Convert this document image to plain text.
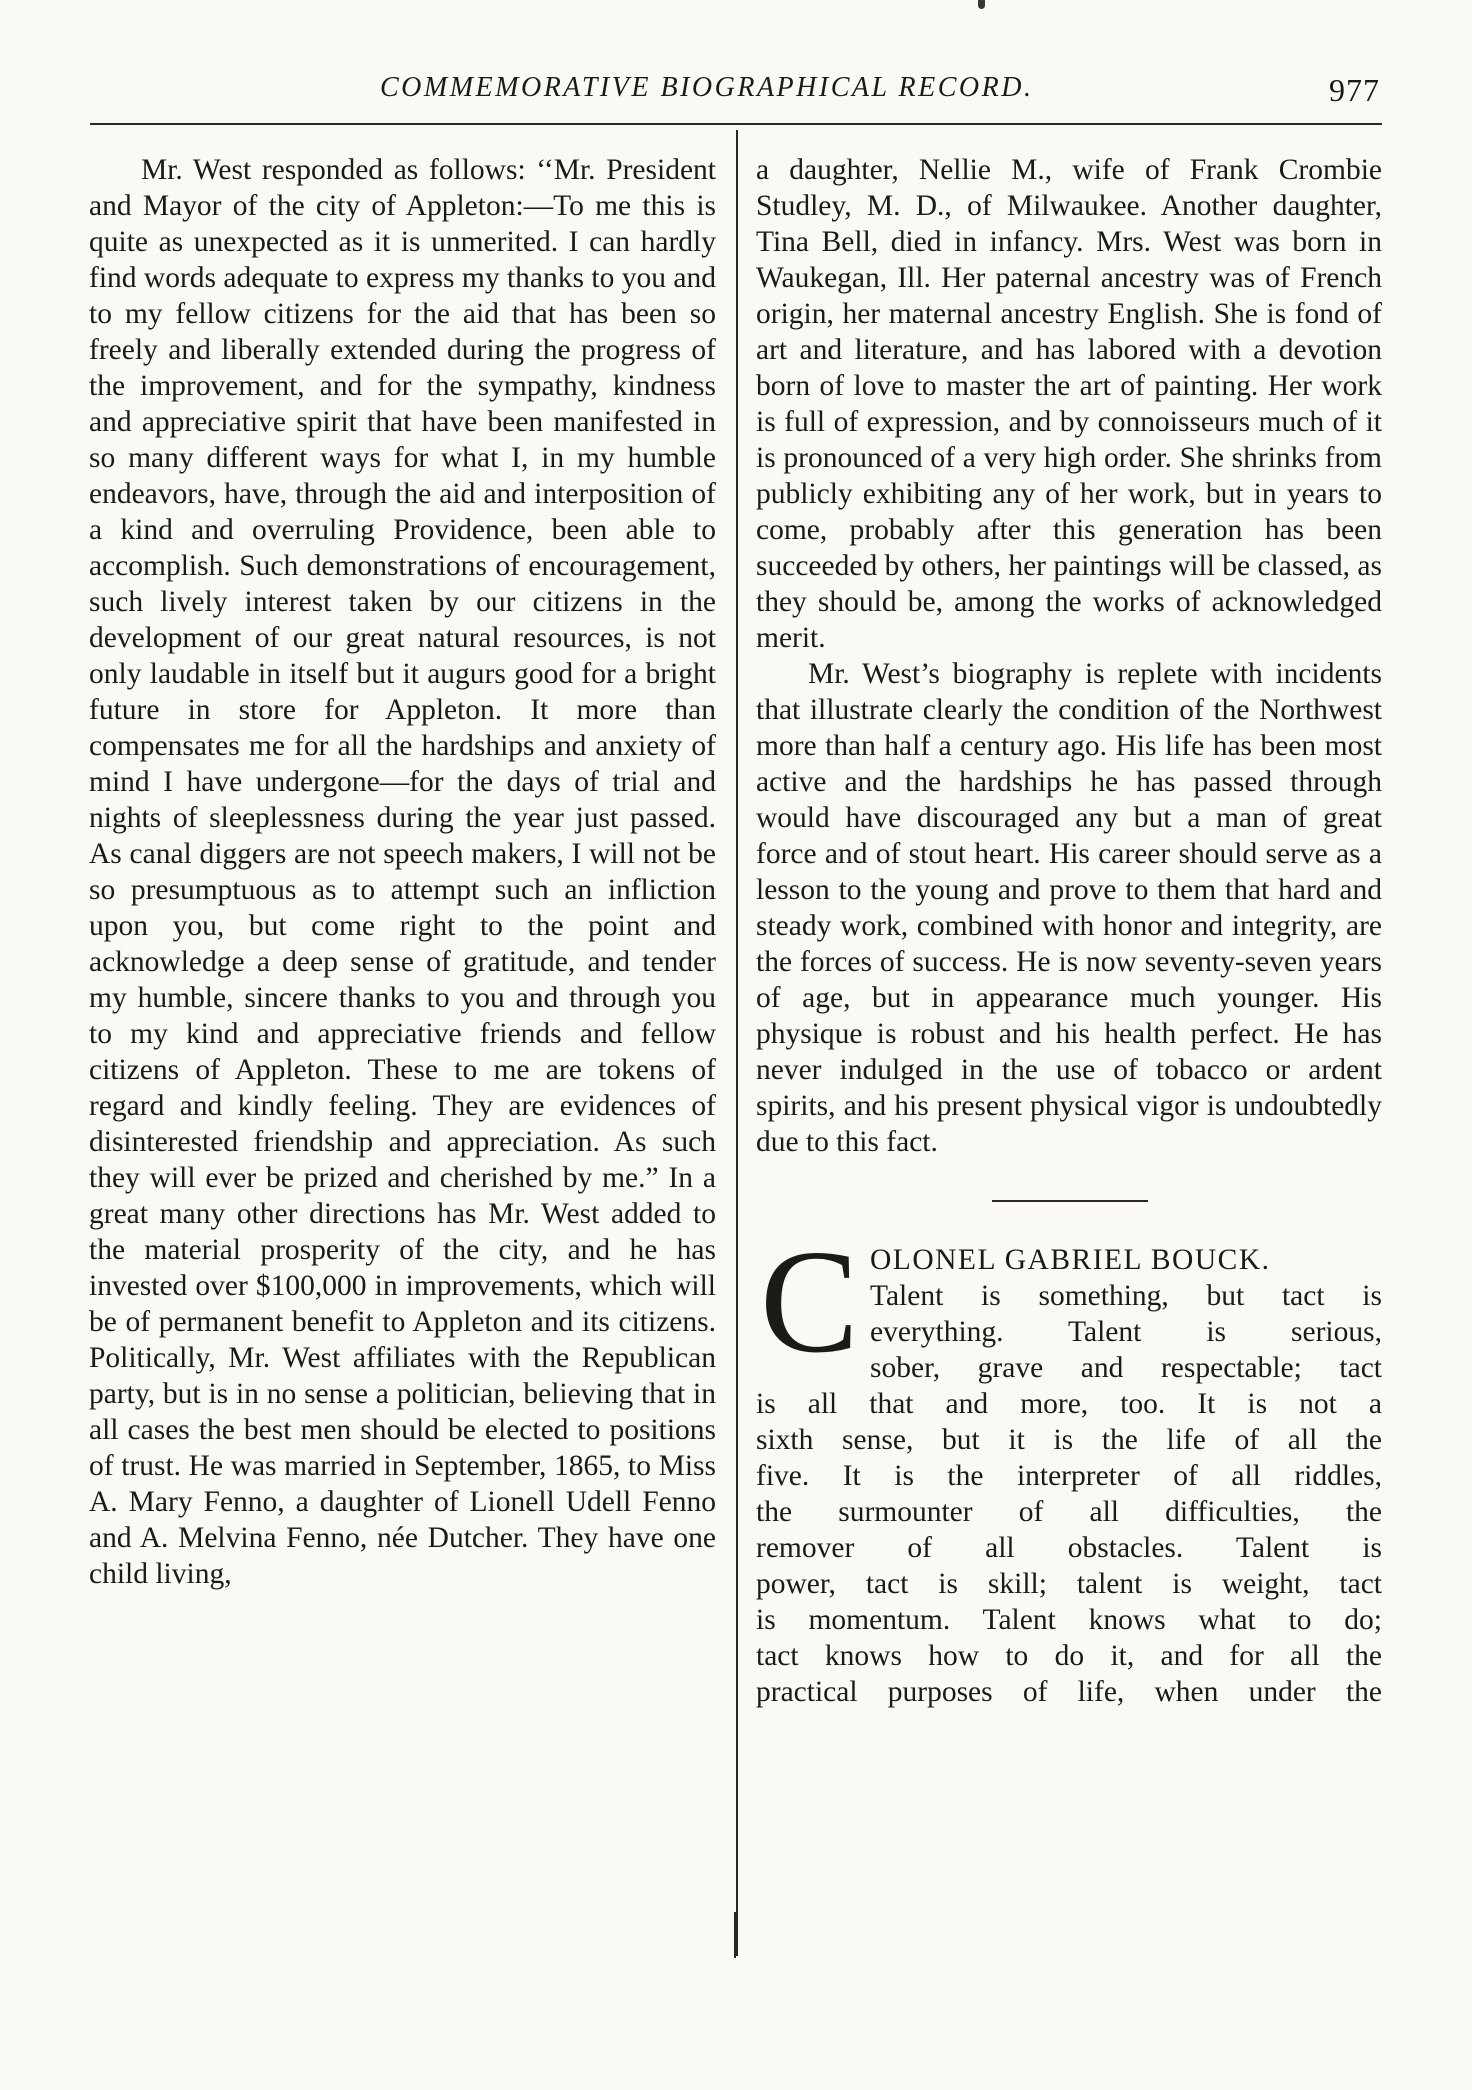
COMMEMORATIVE BIOGRAPHICAL RECORD.	977

Mr. West responded as follows: ‘‘Mr. President and Mayor of the city of Appleton:—To me this is quite as unexpected as it is unmerited. I can hardly find words adequate to express my thanks to you and to my fellow citizens for the aid that has been so freely and liberally extended during the progress of the improvement, and for the sympathy, kindness and appreciative spirit that have been manifested in so many different ways for what I, in my humble endeavors, have, through the aid and interposition of a kind and overruling Providence, been able to accomplish. Such demonstrations of encouragement, such lively interest taken by our citizens in the development of our great natural resources, is not only laudable in itself but it augurs good for a bright future in store for Appleton. It more than compensates me for all the hardships and anxiety of mind I have undergone—for the days of trial and nights of sleeplessness during the year just passed. As canal diggers are not speech makers, I will not be so presumptuous as to attempt such an infliction upon you, but come right to the point and acknowledge a deep sense of gratitude, and tender my humble, sincere thanks to you and through you to my kind and appreciative friends and fellow citizens of Appleton. These to me are tokens of regard and kindly feeling. They are evidences of disinterested friendship and appreciation. As such they will ever be prized and cherished by me.” In a great many other directions has Mr. West added to the material prosperity of the city, and he has invested over $100,000 in improvements, which will be of permanent benefit to Appleton and its citizens. Politically, Mr. West affiliates with the Republican party, but is in no sense a politician, believing that in all cases the best men should be elected to positions of trust. He was married in September, 1865, to Miss A. Mary Fenno, a daughter of Lionell Udell Fenno and A. Melvina Fenno, née Dutcher. They have one child living,

a daughter, Nellie M., wife of Frank Crombie Studley, M. D., of Milwaukee. Another daughter, Tina Bell, died in infancy. Mrs. West was born in Waukegan, Ill. Her paternal ancestry was of French origin, her maternal ancestry English. She is fond of art and literature, and has labored with a devotion born of love to master the art of painting. Her work is full of expression, and by connoisseurs much of it is pronounced of a very high order. She shrinks from publicly exhibiting any of her work, but in years to come, probably after this generation has been succeeded by others, her paintings will be classed, as they should be, among the works of acknowledged merit.

Mr. West’s biography is replete with incidents that illustrate clearly the condition of the Northwest more than half a century ago. His life has been most active and the hardships he has passed through would have discouraged any but a man of great force and of stout heart. His career should serve as a lesson to the young and prove to them that hard and steady work, combined with honor and integrity, are the forces of success. He is now seventy-seven years of age, but in appearance much younger. His physique is robust and his health perfect. He has never indulged in the use of tobacco or ardent spirits, and his present physical vigor is undoubtedly due to this fact.

C OLONEL GABRIEL BOUCK.
Talent is something, but tact is
everything. Talent is serious,
sober, grave and respectable; tact
is all that and more, too. It is not a
sixth sense, but it is the life of all the
five. It is the interpreter of all riddles,
the surmounter of all difficulties, the
remover of all obstacles. Talent is
power, tact is skill; talent is weight, tact
is momentum. Talent knows what to do;
tact knows how to do it, and for all the
practical purposes of life, when under the
